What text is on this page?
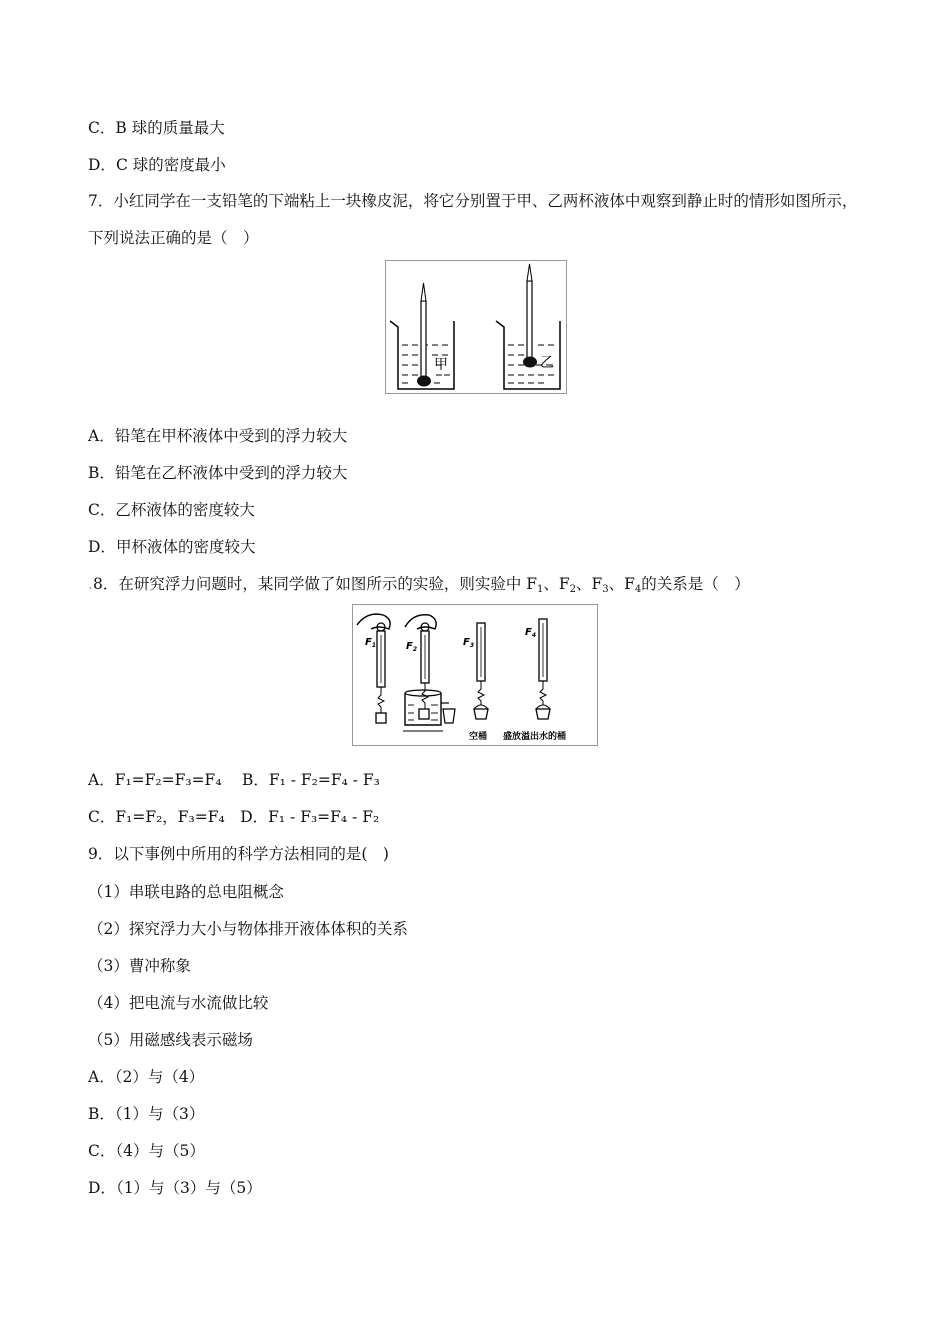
C．B 球的质量最大
D．C 球的密度最小
7．小红同学在一支铅笔的下端粘上一块橡皮泥，将它分别置于甲、乙两杯液体中观察到静止时的情形如图所示，下列说法正确的是（　）
甲	乙
A．铅笔在甲杯液体中受到的浮力较大
B．铅笔在乙杯液体中受到的浮力较大
C．乙杯液体的密度较大
D．甲杯液体的密度较大
.8．在研究浮力问题时，某同学做了如图所示的实验，则实验中 $F_1$、$F_2$、$F_3$、$F_4$的关系是（　）
$F_1$	$F_2$
$F_3$
空桶
$F_4$
盛放溢出水的桶
A．F₁=F₂=F₃=F₄　 B．F₁ - F₂=F₄ - F₃
C．F₁=F₂，F₃=F₄　D．F₁ - F₃=F₄ - F₂
9．以下事例中所用的科学方法相同的是(　)
（1）串联电路的总电阻概念
（2）探究浮力大小与物体排开液体体积的关系
（3）曹冲称象
（4）把电流与水流做比较
（5）用磁感线表示磁场
A．（2）与（4）
B．（1）与（3）
C．（4）与（5）
D．（1）与（3）与（5）
